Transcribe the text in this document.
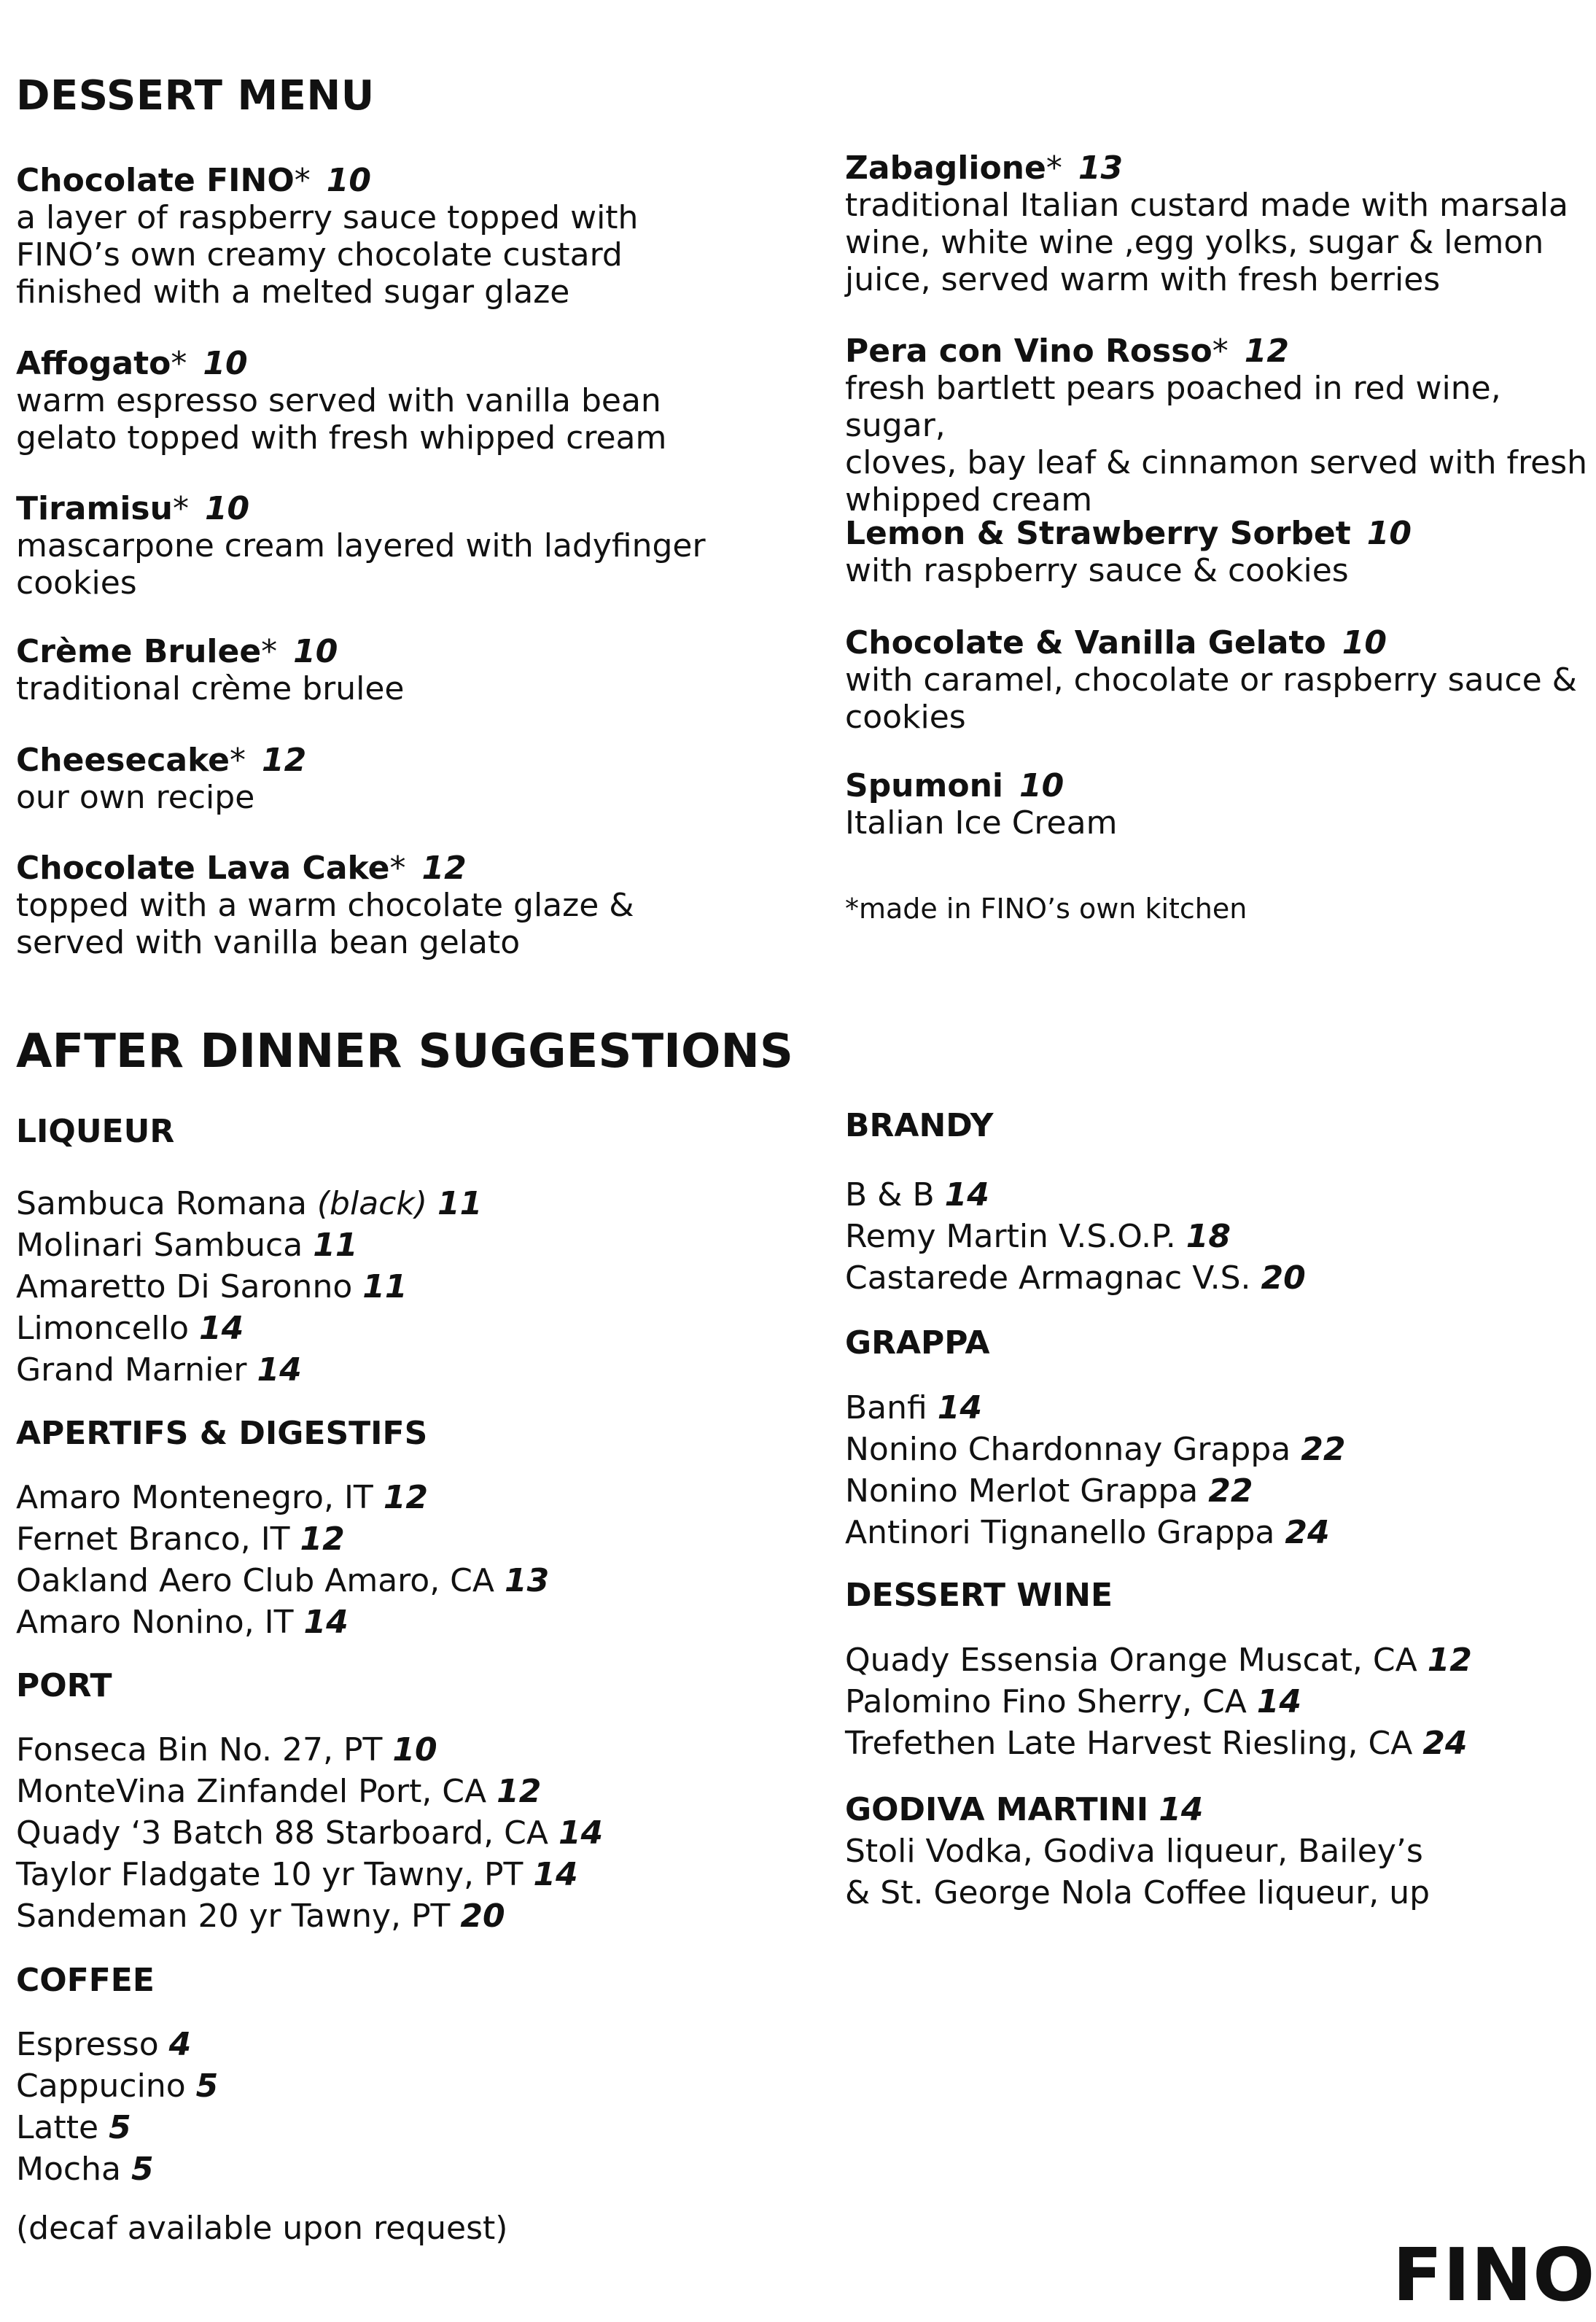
DESSERT MENU
Chocolate FINO* 10
a layer of raspberry sauce topped with
FINO’s own creamy chocolate custard
finished with a melted sugar glaze
Affogato* 10
warm espresso served with vanilla bean
gelato topped with fresh whipped cream
Tiramisu* 10
mascarpone cream layered with ladyfinger
cookies
Crème Brulee* 10
traditional crème brulee
Cheesecake* 12
our own recipe
Chocolate Lava Cake* 12
topped with a warm chocolate glaze &
served with vanilla bean gelato
Zabaglione* 13
traditional Italian custard made with marsala
wine, white wine ,egg yolks, sugar & lemon
juice, served warm with fresh berries
Pera con Vino Rosso* 12
fresh bartlett pears poached in red wine, sugar,
cloves, bay leaf & cinnamon served with fresh
whipped cream
Lemon & Strawberry Sorbet 10
with raspberry sauce & cookies
Chocolate & Vanilla Gelato 10
with caramel, chocolate or raspberry sauce &
cookies
Spumoni 10
Italian Ice Cream
*made in FINO’s own kitchen
AFTER DINNER SUGGESTIONS
LIQUEUR
Sambuca Romana (black) 11
Molinari Sambuca 11
Amaretto Di Saronno 11
Limoncello 14
Grand Marnier 14
APERTIFS & DIGESTIFS
Amaro Montenegro, IT 12
Fernet Branco, IT 12
Oakland Aero Club Amaro, CA 13
Amaro Nonino, IT 14
PORT
Fonseca Bin No. 27, PT 10
MonteVina Zinfandel Port, CA 12
Quady ‘3 Batch 88 Starboard, CA 14
Taylor Fladgate 10 yr Tawny, PT 14
Sandeman 20 yr Tawny, PT 20
COFFEE
Espresso 4
Cappucino 5
Latte 5
Mocha 5
(decaf available upon request)
BRANDY
B & B 14
Remy Martin V.S.O.P. 18
Castarede Armagnac V.S. 20
GRAPPA
Banfi 14
Nonino Chardonnay Grappa 22
Nonino Merlot Grappa 22
Antinori Tignanello Grappa 24
DESSERT WINE
Quady Essensia Orange Muscat, CA 12
Palomino Fino Sherry, CA 14
Trefethen Late Harvest Riesling, CA 24
GODIVA MARTINI 14
Stoli Vodka, Godiva liqueur, Bailey’s
& St. George Nola Coffee liqueur, up
FINO
